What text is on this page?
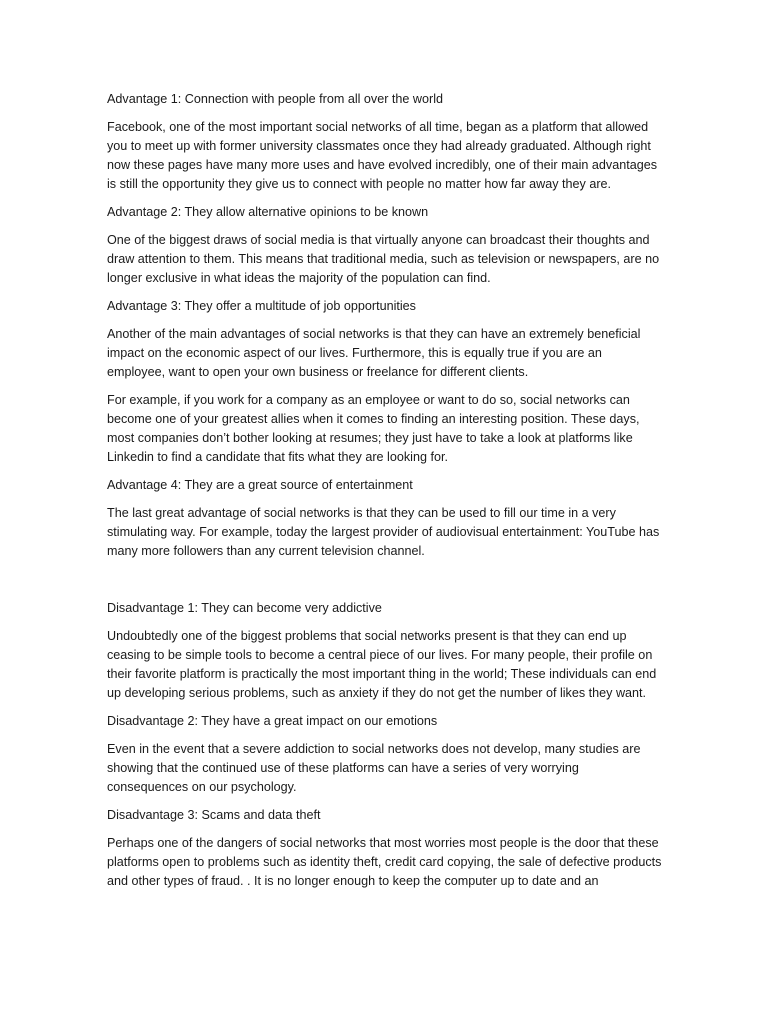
Advantage 1: Connection with people from all over the world

Facebook, one of the most important social networks of all time, began as a platform that allowed you to meet up with former university classmates once they had already graduated. Although right now these pages have many more uses and have evolved incredibly, one of their main advantages is still the opportunity they give us to connect with people no matter how far away they are.

Advantage 2: They allow alternative opinions to be known

One of the biggest draws of social media is that virtually anyone can broadcast their thoughts and draw attention to them. This means that traditional media, such as television or newspapers, are no longer exclusive in what ideas the majority of the population can find.

Advantage 3: They offer a multitude of job opportunities

Another of the main advantages of social networks is that they can have an extremely beneficial impact on the economic aspect of our lives. Furthermore, this is equally true if you are an employee, want to open your own business or freelance for different clients.

For example, if you work for a company as an employee or want to do so, social networks can become one of your greatest allies when it comes to finding an interesting position. These days, most companies don’t bother looking at resumes; they just have to take a look at platforms like Linkedin to find a candidate that fits what they are looking for.

Advantage 4: They are a great source of entertainment

The last great advantage of social networks is that they can be used to fill our time in a very stimulating way. For example, today the largest provider of audiovisual entertainment: YouTube has many more followers than any current television channel.

Disadvantage 1: They can become very addictive

Undoubtedly one of the biggest problems that social networks present is that they can end up ceasing to be simple tools to become a central piece of our lives. For many people, their profile on their favorite platform is practically the most important thing in the world; These individuals can end up developing serious problems, such as anxiety if they do not get the number of likes they want.

Disadvantage 2: They have a great impact on our emotions

Even in the event that a severe addiction to social networks does not develop, many studies are showing that the continued use of these platforms can have a series of very worrying consequences on our psychology.

Disadvantage 3: Scams and data theft

Perhaps one of the dangers of social networks that most worries most people is the door that these platforms open to problems such as identity theft, credit card copying, the sale of defective products and other types of fraud. . It is no longer enough to keep the computer up to date and an
